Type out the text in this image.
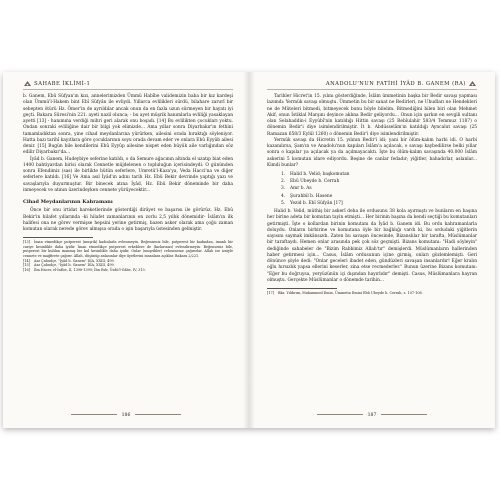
SAHABE İKLİMİ-1

b. Ganem, Ebû Süfyan'ın kızı, annelerimizden Ümmü Habîbe validemizin baba bir kız kardeşi olan Ümmü'l-Hakem bint Ebî Süfyân ile evliydi. Yıllarca evlilikleri sürdü, bilahare zarurî bir sebepten ötürü Hz. Ömer'in de ayrıldılar ancak onun da en fazla uzun sürmeyen bir hayatı iyi geçti. Bakara Sûresi'nin 221. ayeti nazil olunca; - bu ayet müşrik hanımlarla evliliği yasaklayan ayetti [13] - hanımına verdiği mihri geri alarak onu boşadı. [14] Bu evlilikten çocukları yoktu. Ondan sonraki evliliğine dair bir bilgi yok elimizde... Ama yıllar sonra Diyarbakır'ın fethini tamamladıktan sonra, yine cihad meydanlarına yürürken, ailesini orada bıraktığı söyleniyor. Hatta bazı tarihî kayıtlara göre çocuklarının soyu orada devam eder ve onlara Ebû Eyyûb ailesi denir. [15] Bugün bile kendilerini Ebû Eyyûp ailesine nispet eden büyük aile varlığından söz edilir Diyarbakır'da...

İyâd b. Ganem, Hudeybiye seferine katıldı, o da Semure ağacının altında el uzatıp biat eden 1400 bahtiyardan birisi olarak Cennetle müjdelenen o topluluğun içerisindeydi. O gününden sonra Efendimiz (sas) ile birlikte bütün seferlere, Umretü'l-Kaza'ya, Veda Hacci'na ve diğer seferlere katıldı. [16] Ve Ama asıl İyâd'ın adını tarih Hz. Ebû Bekir devrinde yaptığı yazı ve savaşlarıyla duyurmuştur. Bir binecek atına İyâd, Hz. Ebû Bekir döneminde bir daha inmeyecek ve atının üzerindeyken cennete yürüyecektir...

Cihad Meydanlarının Kahramanı

Önce bir onu irtidat hareketlerinde gösterdiği dirâyet ve başarısı ile görürüz. Hz. Ebû Bekir'in hilafet yıllarında -ki hilafet zamanlarının en zorlu 2,5 yıllık dönemidir- İslâm'ın ilk halifesi ona ne görev vermişse hepsini yerine getirmiş, bazen asker olarak ama çoğu zaman komutan olarak nerede görev almışsa orada o işin başarıyla üstesinden gelmiştir.

[13] İman etmedikçe putperest (muşrik) kadınlarla evlenmeyin. Beğenseniz bile, putperest bir kadından, imanlı bir cariye kesinlikle daha iyidir. İman etmedikçe putperest erkeklere de (kızlarınızı) evlendirmeyin. Beğenseniz bile, putperest bir kuldan inanmış bir kul kesinlikle daha iyidir. Onlar (muşrikler) cehenneme çağırırlar. Allah ise izniyle cennete ve mağfirete çağırır. Allah, düşünüp anlasınlar diye âyetlerini insanlara açıklar. Bakara 2/221.
[14] Azz Çahudçe, "İyâd b. Ganem" DİA, XXIII, 499.
[15] Azz Çahudçe, "İyâd b. Ganem" DİA, XXIII, 499.
[16] İbn Hacer, el-İsâbe, II, 1398-1399; İbn Esîr, Üsdü'l-Gâbe, IV, 313.
186
ANADOLU'NUN FATİHİ İYÂD B. GANEM (RA)

Tarihler Hicret'in 15. yılını gösterdiğinde, İslâm ümmetinin başka bir Bedir savaşı yapması lazımdı: Yermük savaşı olmuştu. Ümmetin bu bir sanat ne Bedirleri, ne Uhudları ne Hendekleri ne de Mûteleri bitmedi, bitmeyecek bunu böyle bilelim. Bitmediğini bilen biri olan Mehmet Akif, onun İstiklal Marşını deyince aklına Bedir geliyordu... Onun için şarkın en sevgili sultanı olan Selahaddin-i Eyyübî'nin katıldığı Hittin savaşı (25 Rebîulahir 583/4 Temmuz 1187) o dönemin Bedir'i diye isimlendirilmiştir. İt b. Abdüsselâm'ın katıldığı Ayncalut savaşı (25 Ramazan 658/3 Eylül 1260) o dönemin Bedir'i diye isimlendirilmiştir.

Yermük savaşı da Hicretin 15. yılının Bedir'i idi; yani bir ölüm-kalım harbi idi. O harbi kazanılırsa, Şam'ın ve Anadolu'nun kapıları İslâm'a açılacak, o savaşı kaybedilirse belki yıllar sonra o kapılar ya açılacak ya da açılmayacaktı. İşte bu ölüm-kalım savaşında 40.000 İslâm askerini 5 komutan idare ediyordu. Beşine de canlar fedadır; yiğitler, bahadırlar, aslanlar... Kimdi bunlar?

1. Halid b. Velid; başkomutan
2. Ebû Ubeyde b. Cerrah
3. Amr b. As
4. Şurahbil b. Hasene
5. Yezid b. Ebî Süfyân [17]

Halid b. Velid, müthiş bir askerî deha ile ordusunu 38 kola ayırmıştı ve bunların en başına her birine adeta bir komutan tayin etmişti... Her birinin başına da kendi seçtiği bu komutanları getirmişti. İşte o kollardan birinin komutanı da İyâd b. Ganem idi. Bu ordu kahramanlarla doluydu. Onların birbirine ve komutana öyle bir bağlılığı vardı ki, bu ordudaki yiğitlerin sayısını saymak imkânsızdı. Zaten bu savaşın öncesinde, Bizanslılar bir tarafta, Müslümanlar bir taraftaydı. Hemen onlar arasında pek çok söz geçmişti. Bizans komutanı: "Hadi söyleyin" dediğinde sahabeler de "Bizim Rabbimiz Allah'tır" demişlerdi. Müslümanların hallerinden haber getirmesi için... Casus, İslâm ordusunun içine girmiş, onları gözlemlemişti. Geri dönünce şöyle dedi: "Onlar geceleri ibadet eden, gündüzleri savaşan insanlardır! Eğer kralın oğlu hırsızlık yapsa ellerini keserler, zina etse recmederler." Bunun üzerine Bizans komutanı: "Eğer bu doğruysa, yeryüzünün içi dışından hayırlıdır" demişti. Casus, Müslümanlara hayran olmuştu. Gerçekte Müslümanlar o dönemde tarihin...

[17] Bkz. Yıldırım, Muhammed Emin, Ümmetin Emini Ebû Ubeyde b. Cerrah, s. 107-108.
187
